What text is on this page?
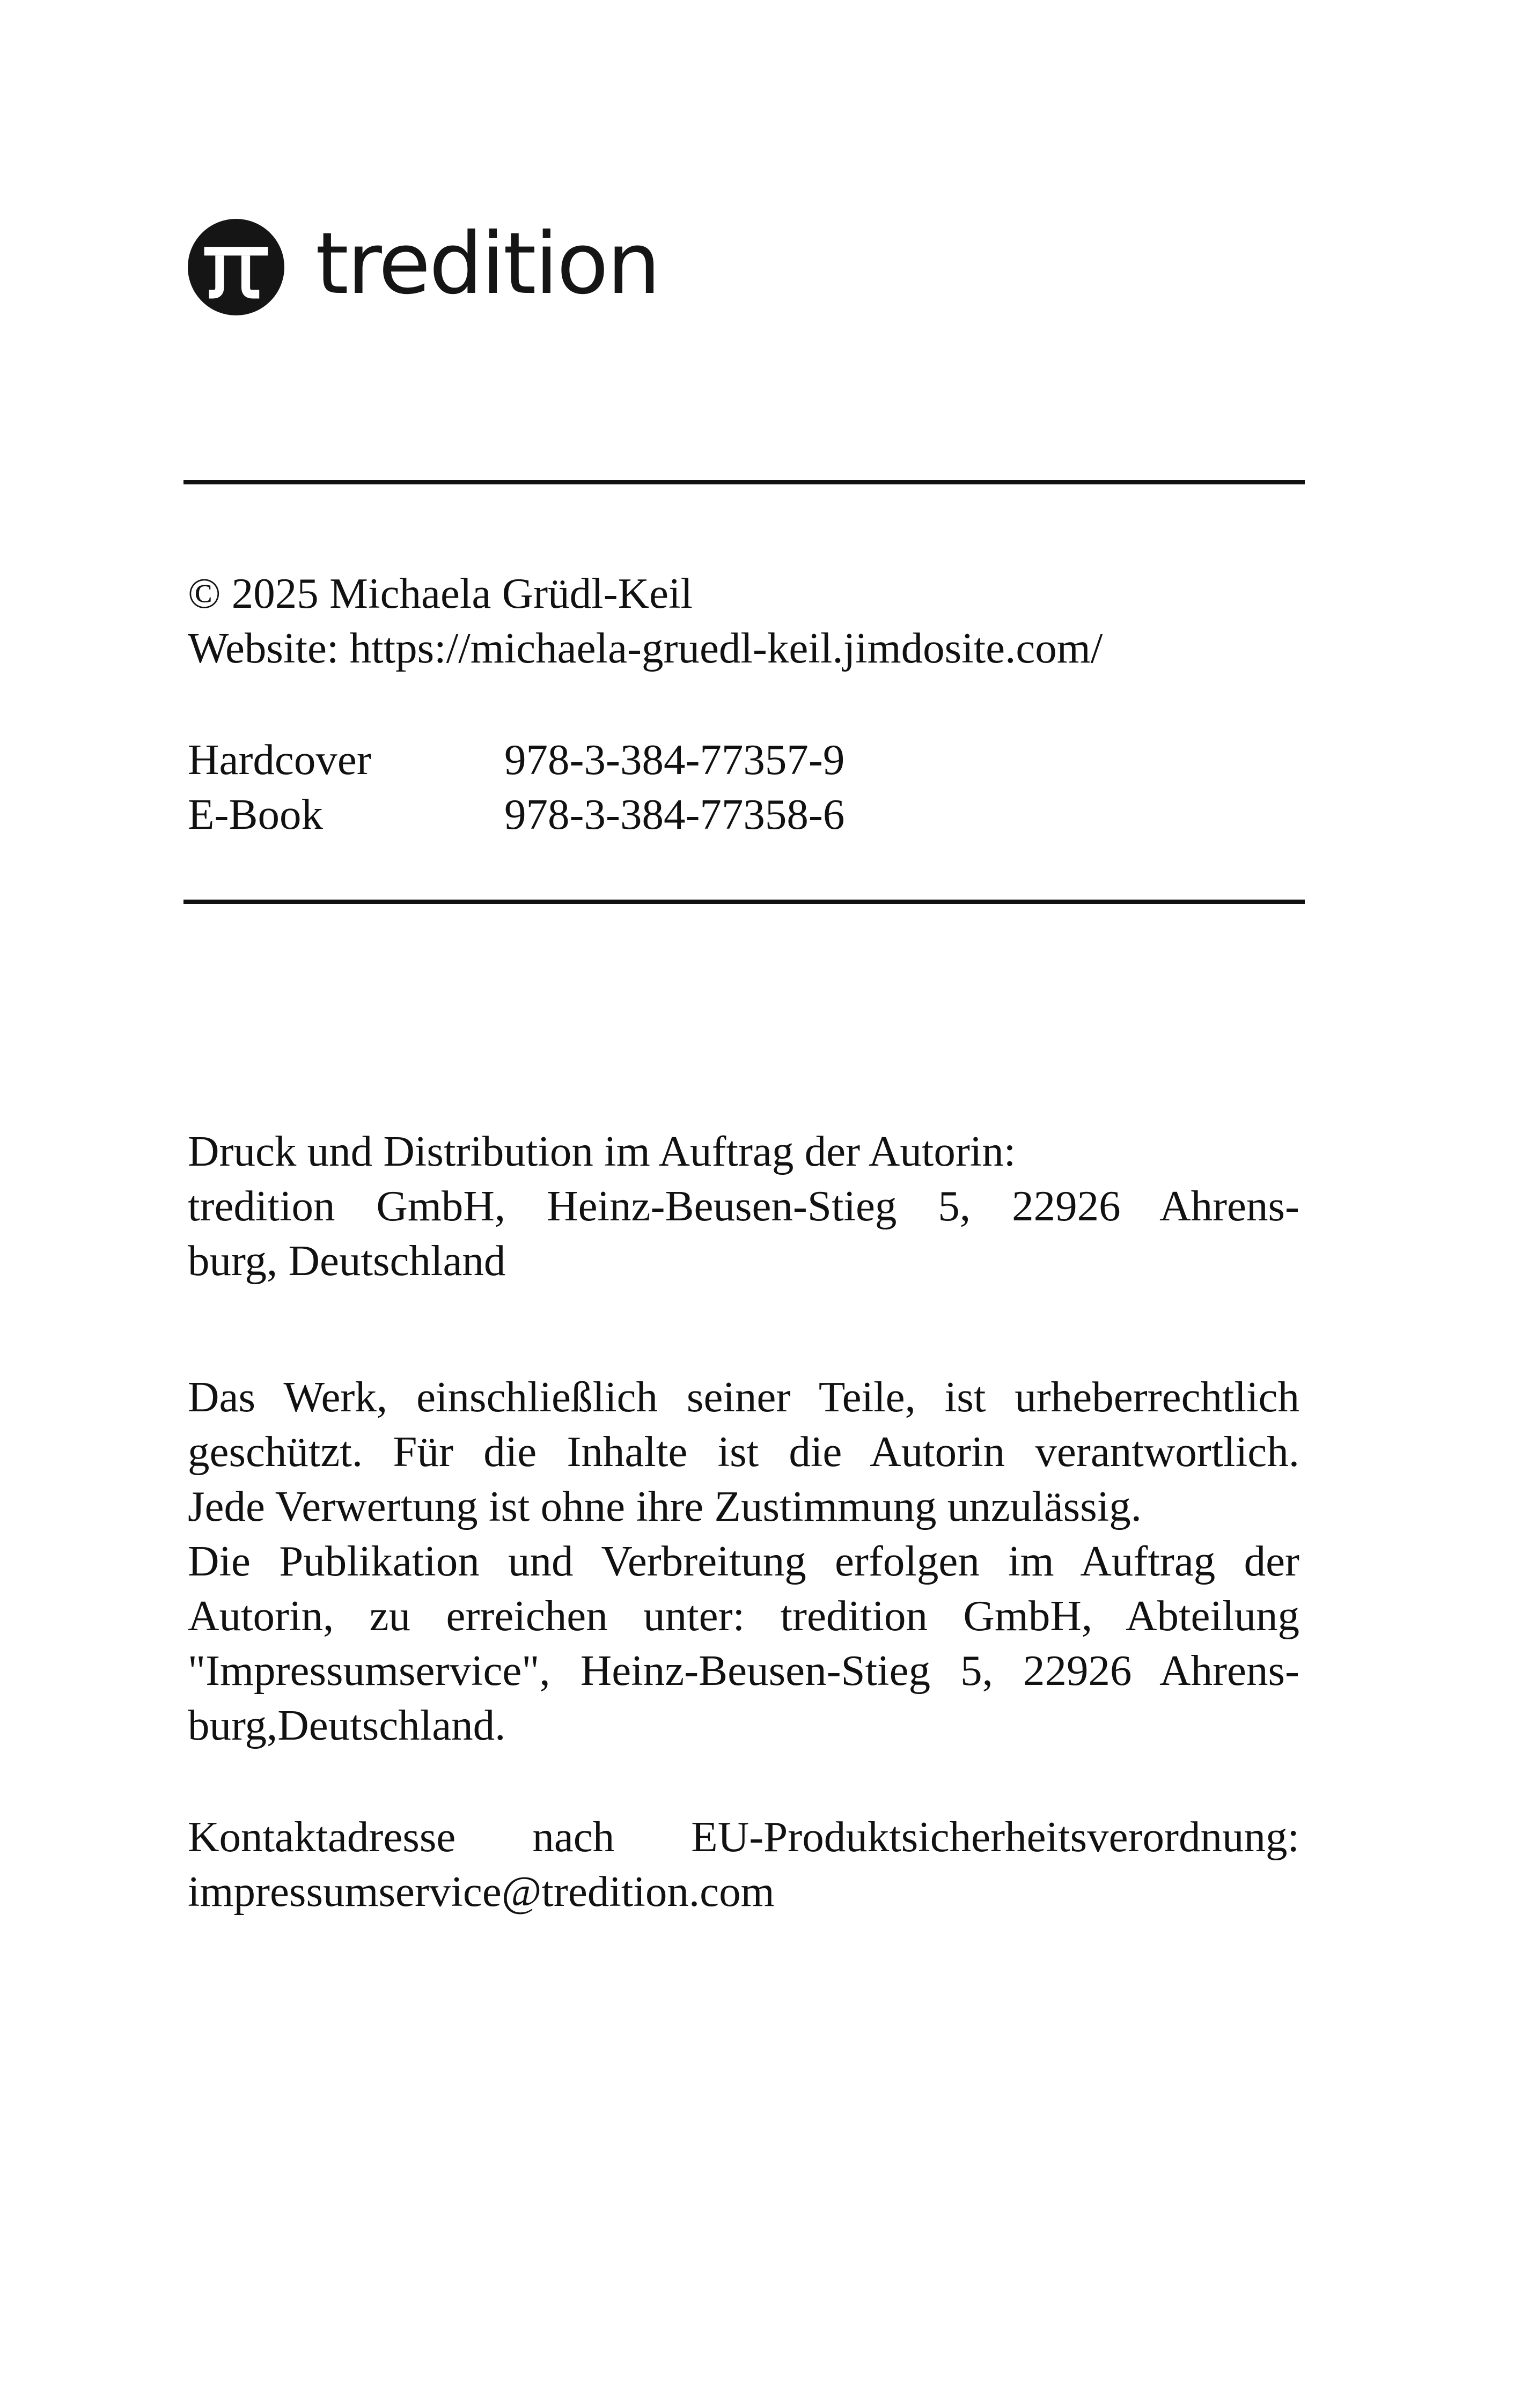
tredition
© 2025 Michaela Grüdl-Keil
Website: https://michaela-gruedl-keil.jimdosite.com/
Hardcover	978-3-384-77357-9
E-Book	978-3-384-77358-6
Druck und Distribution im Auftrag der Autorin:
tredition GmbH, Heinz-Beusen-Stieg 5, 22926 Ahrens-
burg, Deutschland
Das Werk, einschließlich seiner Teile, ist urheberrechtlich
geschützt. Für die Inhalte ist die Autorin verantwortlich.
Jede Verwertung ist ohne ihre Zustimmung unzulässig.
Die Publikation und Verbreitung erfolgen im Auftrag der
Autorin, zu erreichen unter: tredition GmbH, Abteilung
"Impressumservice", Heinz-Beusen-Stieg 5, 22926 Ahrens-
burg,Deutschland.
Kontaktadresse nach EU-Produktsicherheitsverordnung:
impressumservice@tredition.com
